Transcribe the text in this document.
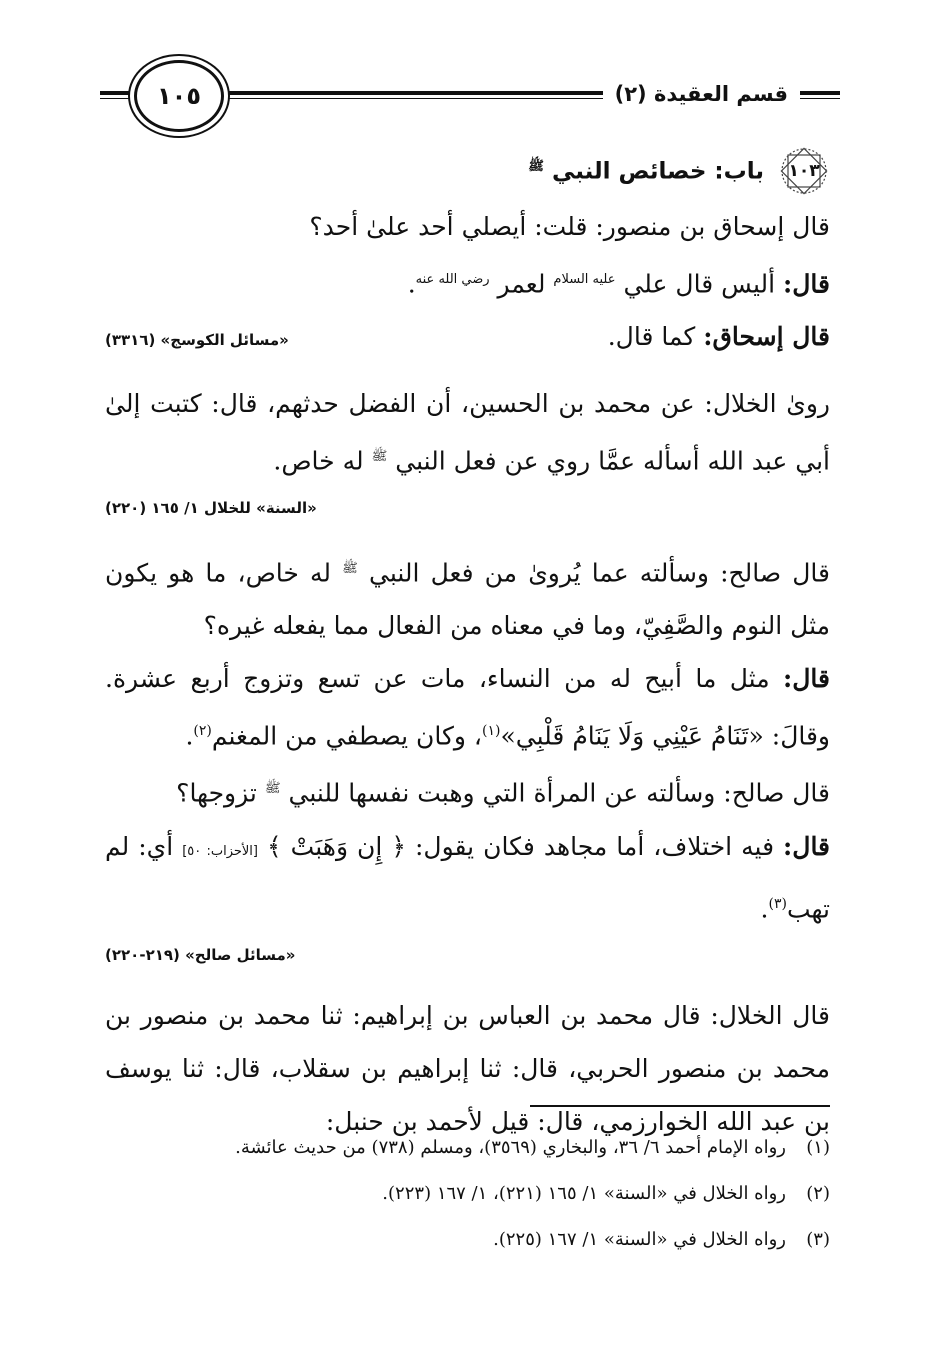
قسم العقيدة (٢)
١٠٥
١٠٣
باب: خصائص النبي $^ﷺ$

قال إسحاق بن منصور: قلت: أيصلي أحد علىٰ أحد؟

قال: أليس قال علي $^{عليه السلام}$ لعمر $^{رضي الله عنه}$.

قال إسحاق: كما قال.

«مسائل الكوسج» (٣٣١٦)

روىٰ الخلال: عن محمد بن الحسين، أن الفضل حدثهم، قال: كتبت إلىٰ أبي عبد الله أسأله عمَّا روي عن فعل النبي $^ﷺ$ له خاص.

«السنة» للخلال ١/ ١٦٥ (٢٢٠)

قال صالح: وسألته عما يُروىٰ من فعل النبي $^ﷺ$ له خاص، ما هو يكون مثل النوم والصَّفِيّ، وما في معناه من الفعال مما يفعله غيره؟

قال: مثل ما أبيح له من النساء، مات عن تسع وتزوج أربع عشرة. وقالَ: «تَنَامُ عَيْنِي وَلَا يَنَامُ قَلْبِي»$^{(١)}$، وكان يصطفي من المغنم$^{(٢)}$.

قال صالح: وسألته عن المرأة التي وهبت نفسها للنبي $^ﷺ$ تزوجها؟

قال: فيه اختلاف، أما مجاهد فكان يقول: ﴿ إِن وَهَبَتْ ﴾ [الأحزاب: ٥٠] أي: لم تهب$^{(٣)}$.

«مسائل صالح» (٢١٩-٢٢٠)

قال الخلال: قال محمد بن العباس بن إبراهيم: ثنا محمد بن منصور بن محمد بن منصور الحربي، قال: ثنا إبراهيم بن سقلاب، قال: ثنا يوسف بن عبد الله الخوارزمي، قال: قيل لأحمد بن حنبل:

(١)رواه الإمام أحمد ٦/ ٣٦، والبخاري (٣٥٦٩)، ومسلم (٧٣٨) من حديث عائشة.

(٢)رواه الخلال في «السنة» ١/ ١٦٥ (٢٢١)، ١/ ١٦٧ (٢٢٣).

(٣)رواه الخلال في «السنة» ١/ ١٦٧ (٢٢٥).
